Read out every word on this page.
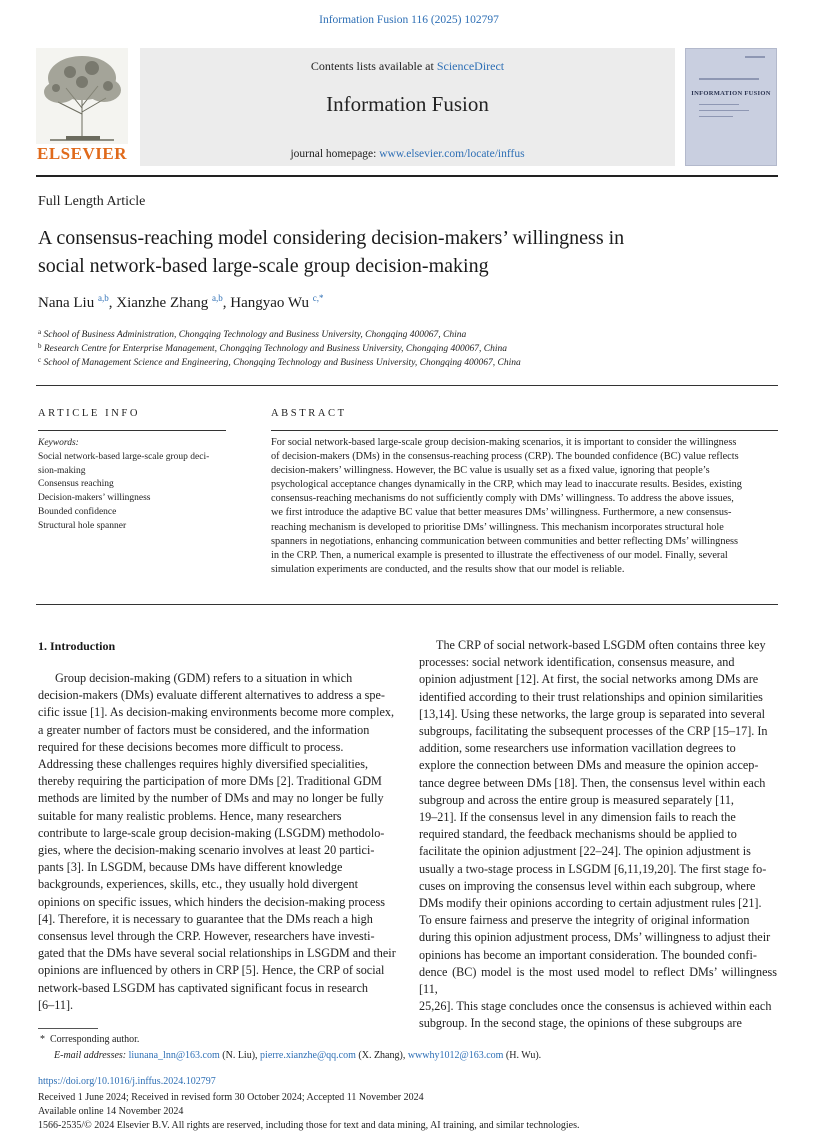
Information Fusion 116 (2025) 102797
ELSEVIER
Contents lists available at ScienceDirect
Information Fusion
journal homepage: www.elsevier.com/locate/inffus
INFORMATION FUSION
Full Length Article
A consensus-reaching model considering decision-makers’ willingness in
social network-based large-scale group decision-making
Nana Liu $^{a,b}$, Xianzhe Zhang $^{a,b}$, Hangyao Wu $^{c,*}$
$^a$ School of Business Administration, Chongqing Technology and Business University, Chongqing 400067, China
$^b$ Research Centre for Enterprise Management, Chongqing Technology and Business University, Chongqing 400067, China
$^c$ School of Management Science and Engineering, Chongqing Technology and Business University, Chongqing 400067, China
ARTICLE INFO	ABSTRACT
Keywords:
Social network-based large-scale group deci-
sion-making
Consensus reaching
Decision-makers’ willingness
Bounded confidence
Structural hole spanner
For social network-based large-scale group decision-making scenarios, it is important to consider the willingness
of decision-makers (DMs) in the consensus-reaching process (CRP). The bounded confidence (BC) value reflects
decision-makers’ willingness. However, the BC value is usually set as a fixed value, ignoring that people’s
psychological acceptance changes dynamically in the CRP, which may lead to inaccurate results. Besides, existing
consensus-reaching mechanisms do not sufficiently comply with DMs’ willingness. To address the above issues,
we first introduce the adaptive BC value that better measures DMs’ willingness. Furthermore, a new consensus-
reaching mechanism is developed to prioritise DMs’ willingness. This mechanism incorporates structural hole
spanners in negotiations, enhancing communication between communities and better reflecting DMs’ willingness
in the CRP. Then, a numerical example is presented to illustrate the effectiveness of our model. Finally, several
simulation experiments are conducted, and the results show that our model is reliable.
1. Introduction
Group decision-making (GDM) refers to a situation in which
decision-makers (DMs) evaluate different alternatives to address a spe-
cific issue [1]. As decision-making environments become more complex,
a greater number of factors must be considered, and the information
required for these decisions becomes more difficult to process.
Addressing these challenges requires highly diversified specialities,
thereby requiring the participation of more DMs [2]. Traditional GDM
methods are limited by the number of DMs and may no longer be fully
suitable for many realistic problems. Hence, many researchers
contribute to large-scale group decision-making (LSGDM) methodolo-
gies, where the decision-making scenario involves at least 20 partici-
pants [3]. In LSGDM, because DMs have different knowledge
backgrounds, experiences, skills, etc., they usually hold divergent
opinions on specific issues, which hinders the decision-making process
[4]. Therefore, it is necessary to guarantee that the DMs reach a high
consensus level through the CRP. However, researchers have investi-
gated that the DMs have several social relationships in LSGDM and their
opinions are influenced by others in CRP [5]. Hence, the CRP of social
network-based LSGDM has captivated significant focus in research
[6–11].
The CRP of social network-based LSGDM often contains three key
processes: social network identification, consensus measure, and
opinion adjustment [12]. At first, the social networks among DMs are
identified according to their trust relationships and opinion similarities
[13,14]. Using these networks, the large group is separated into several
subgroups, facilitating the subsequent processes of the CRP [15–17]. In
addition, some researchers use information vacillation degrees to
explore the connection between DMs and measure the opinion accep-
tance degree between DMs [18]. Then, the consensus level within each
subgroup and across the entire group is measured separately [11,
19–21]. If the consensus level in any dimension fails to reach the
required standard, the feedback mechanisms should be applied to
facilitate the opinion adjustment [22–24]. The opinion adjustment is
usually a two-stage process in LSGDM [6,11,19,20]. The first stage fo-
cuses on improving the consensus level within each subgroup, where
DMs modify their opinions according to certain adjustment rules [21].
To ensure fairness and preserve the integrity of original information
during this opinion adjustment process, DMs’ willingness to adjust their
opinions has become an important consideration. The bounded confi-
dence (BC) model is the most used model to reflect DMs’ willingness [11,
25,26]. This stage concludes once the consensus is achieved within each
subgroup. In the second stage, the opinions of these subgroups are
* Corresponding author.
E-mail addresses: liunana_lnn@163.com (N. Liu), pierre.xianzhe@qq.com (X. Zhang), wwwhy1012@163.com (H. Wu).
https://doi.org/10.1016/j.inffus.2024.102797
Received 1 June 2024; Received in revised form 30 October 2024; Accepted 11 November 2024
Available online 14 November 2024
1566-2535/© 2024 Elsevier B.V. All rights are reserved, including those for text and data mining, AI training, and similar technologies.
